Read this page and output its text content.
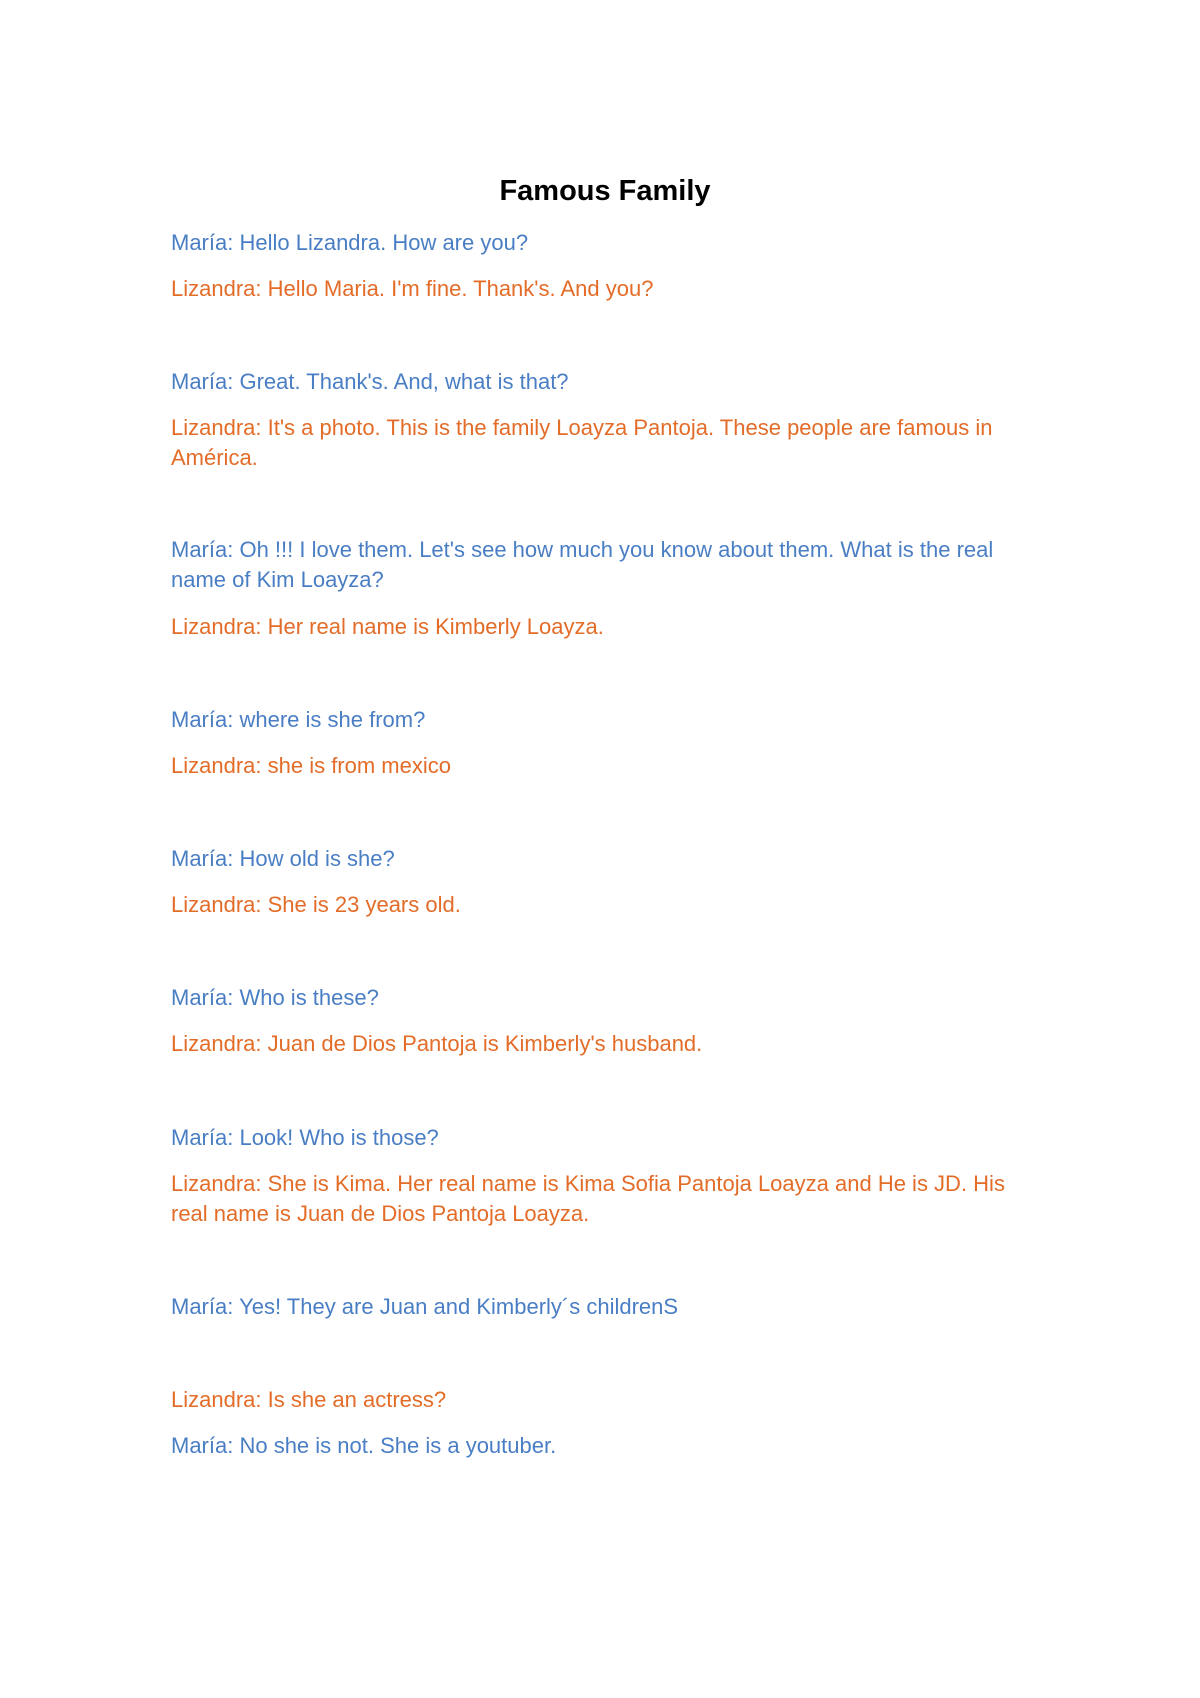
Famous Family
María: Hello Lizandra. How are you?
Lizandra: Hello Maria. I'm fine. Thank's. And you?
María: Great. Thank's. And, what is that?
Lizandra: It's a photo. This is the family Loayza Pantoja. These people are famous in América.
María: Oh !!! I love them. Let's see how much you know about them. What is the real name of Kim Loayza?
Lizandra: Her real name is Kimberly Loayza.
María: where is she from?
Lizandra: she is from mexico
María: How old is she?
Lizandra: She is 23 years old.
María: Who is these?
Lizandra: Juan de Dios Pantoja is Kimberly's husband.
María: Look! Who is those?
Lizandra: She is Kima. Her real name is Kima Sofia Pantoja Loayza and He is JD. His real name is Juan de Dios Pantoja Loayza.
María: Yes! They are Juan and Kimberly´s childrenS
Lizandra: Is she an actress?
María: No she is not. She is a youtuber.
